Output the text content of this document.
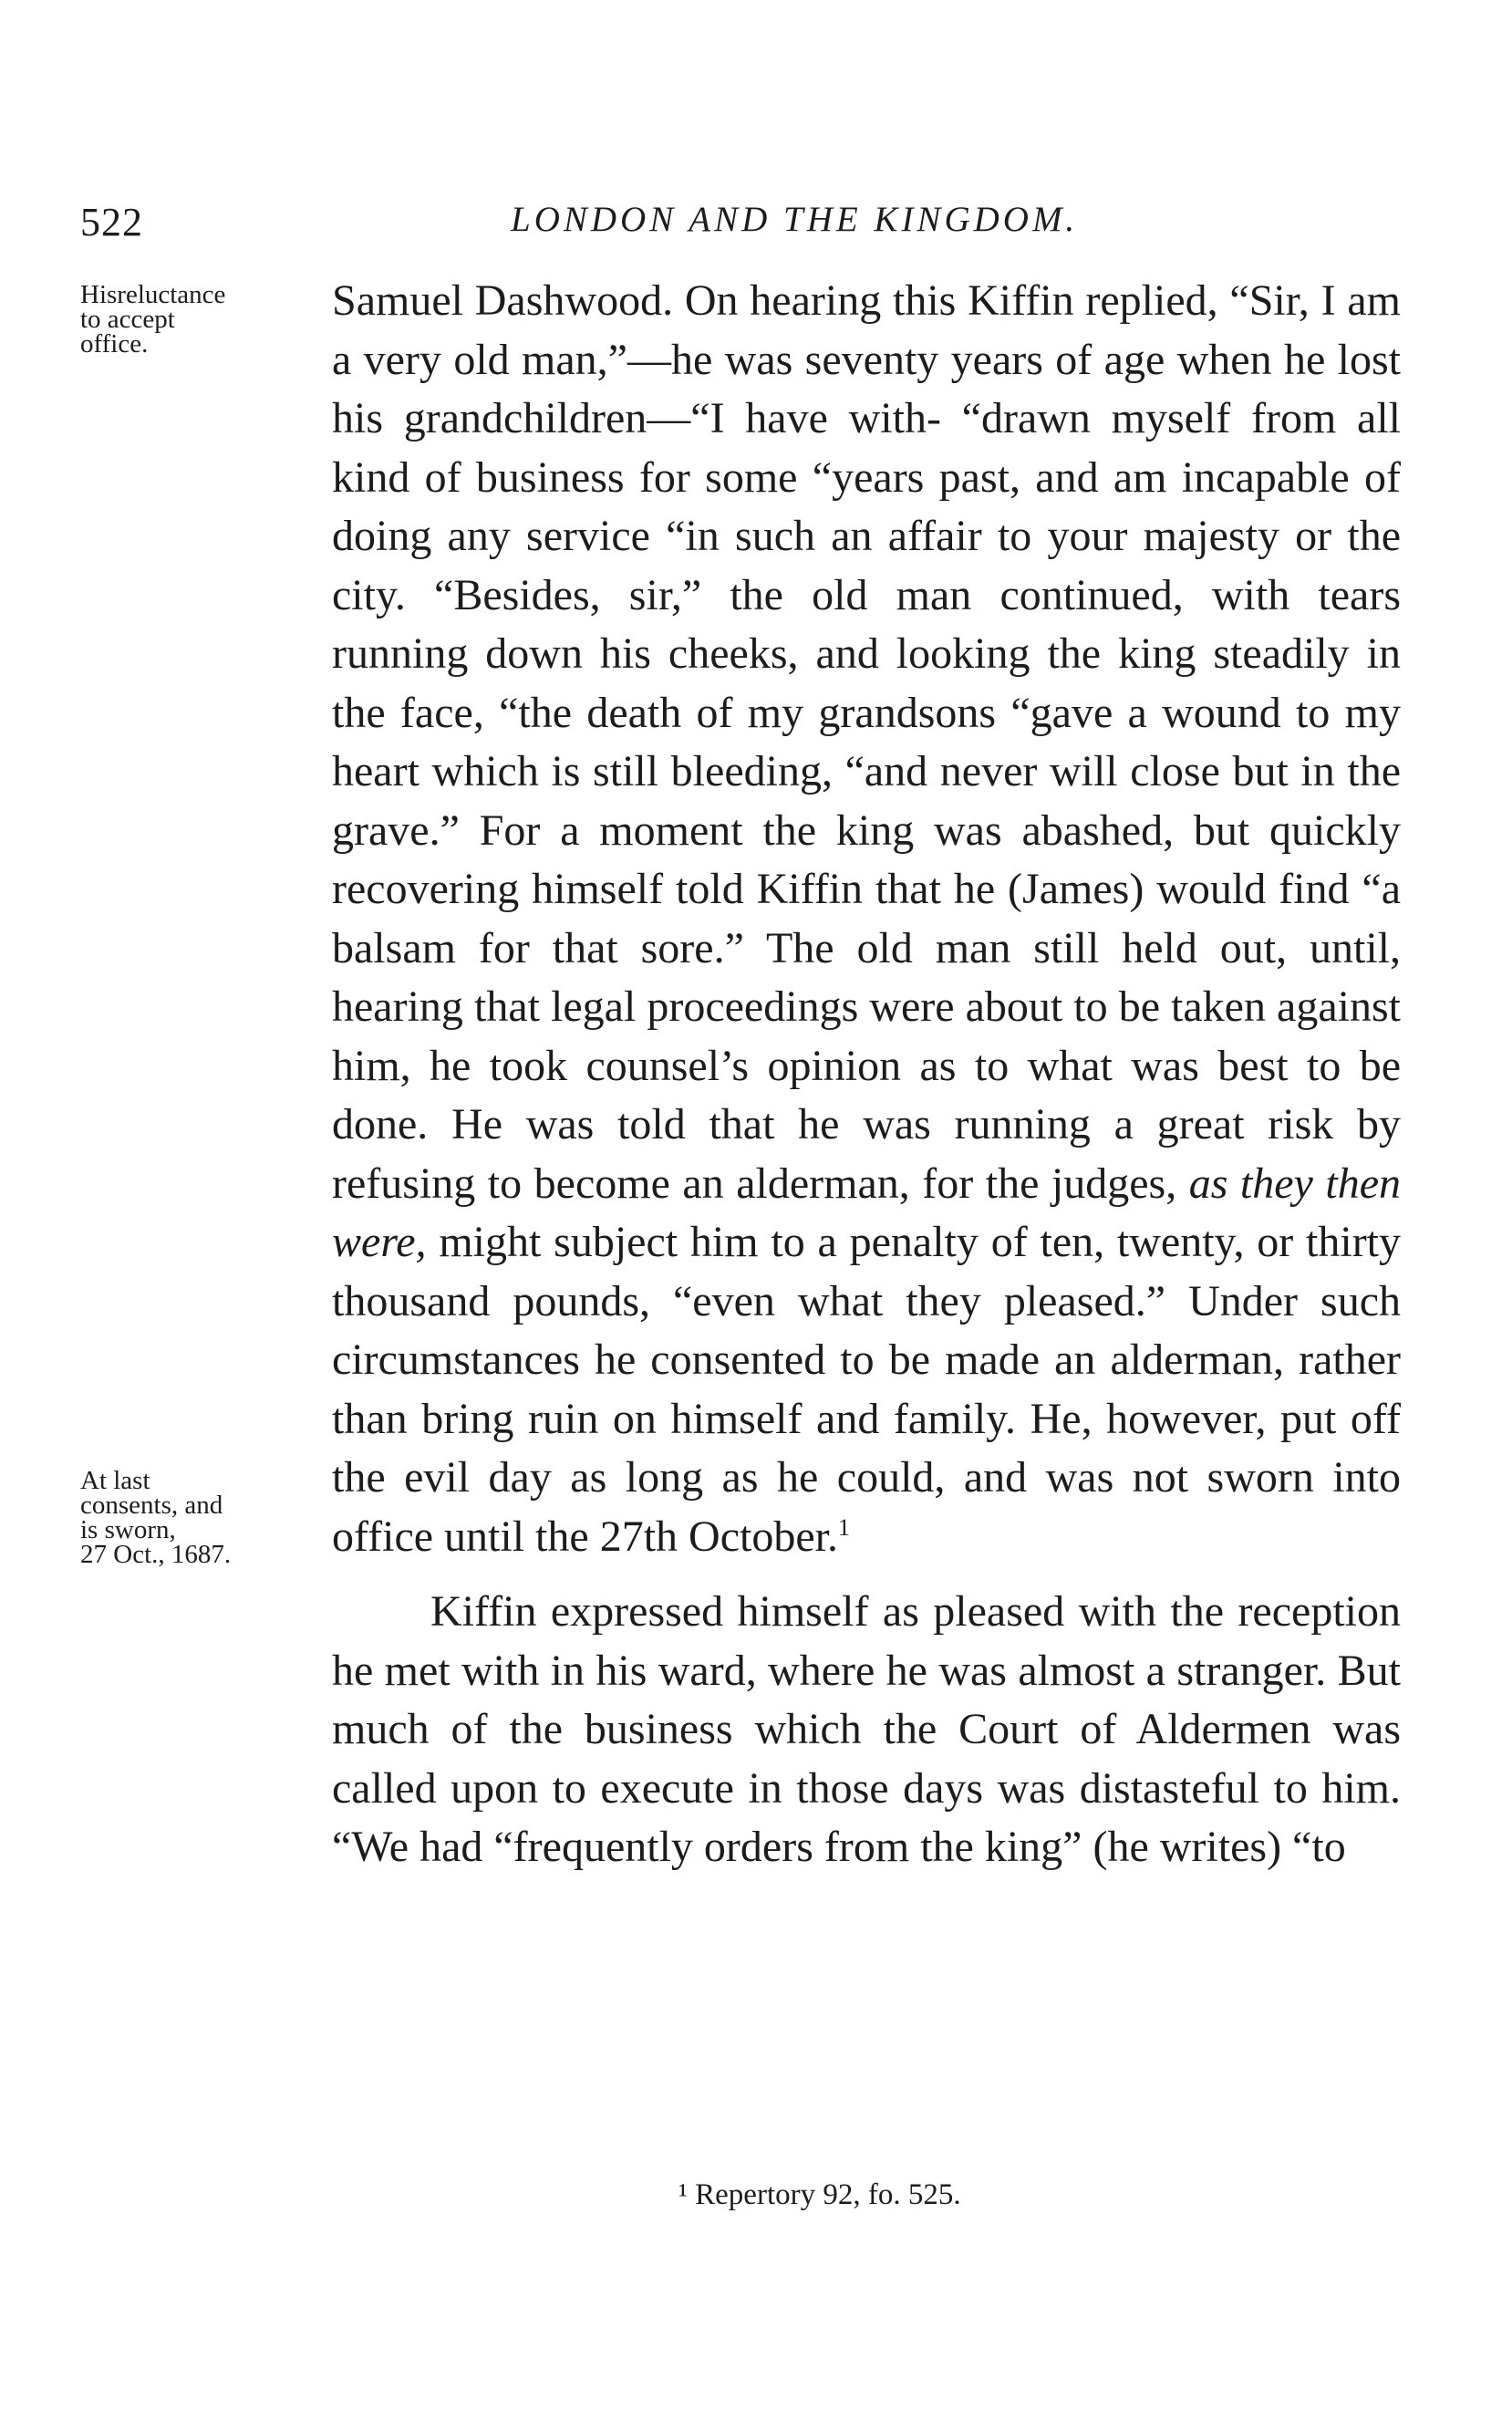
522	LONDON AND THE KINGDOM.
Hisreluctance
to accept
office.
At last
consents, and
is sworn,
27 Oct., 1687.

Samuel Dashwood. On hearing this Kiffin replied, “Sir, I am a very old man,”—he was seventy years of age when he lost his grandchildren—“I have with- “drawn myself from all kind of business for some “years past, and am incapable of doing any service “in such an affair to your majesty or the city. “Besides, sir,” the old man continued, with tears running down his cheeks, and looking the king steadily in the face, “the death of my grandsons “gave a wound to my heart which is still bleeding, “and never will close but in the grave.” For a moment the king was abashed, but quickly recovering himself told Kiffin that he (James) would find “a balsam for that sore.” The old man still held out, until, hearing that legal proceedings were about to be taken against him, he took counsel’s opinion as to what was best to be done. He was told that he was running a great risk by refusing to become an alderman, for the judges, as they then were, might subject him to a penalty of ten, twenty, or thirty thousand pounds, “even what they pleased.” Under such circumstances he consented to be made an alderman, rather than bring ruin on himself and family. He, however, put off the evil day as long as he could, and was not sworn into office until the 27th October.$^1$

Kiffin expressed himself as pleased with the reception he met with in his ward, where he was almost a stranger. But much of the business which the Court of Aldermen was called upon to execute in those days was distasteful to him. “We had “frequently orders from the king” (he writes) “to

¹ Repertory 92, fo. 525.
